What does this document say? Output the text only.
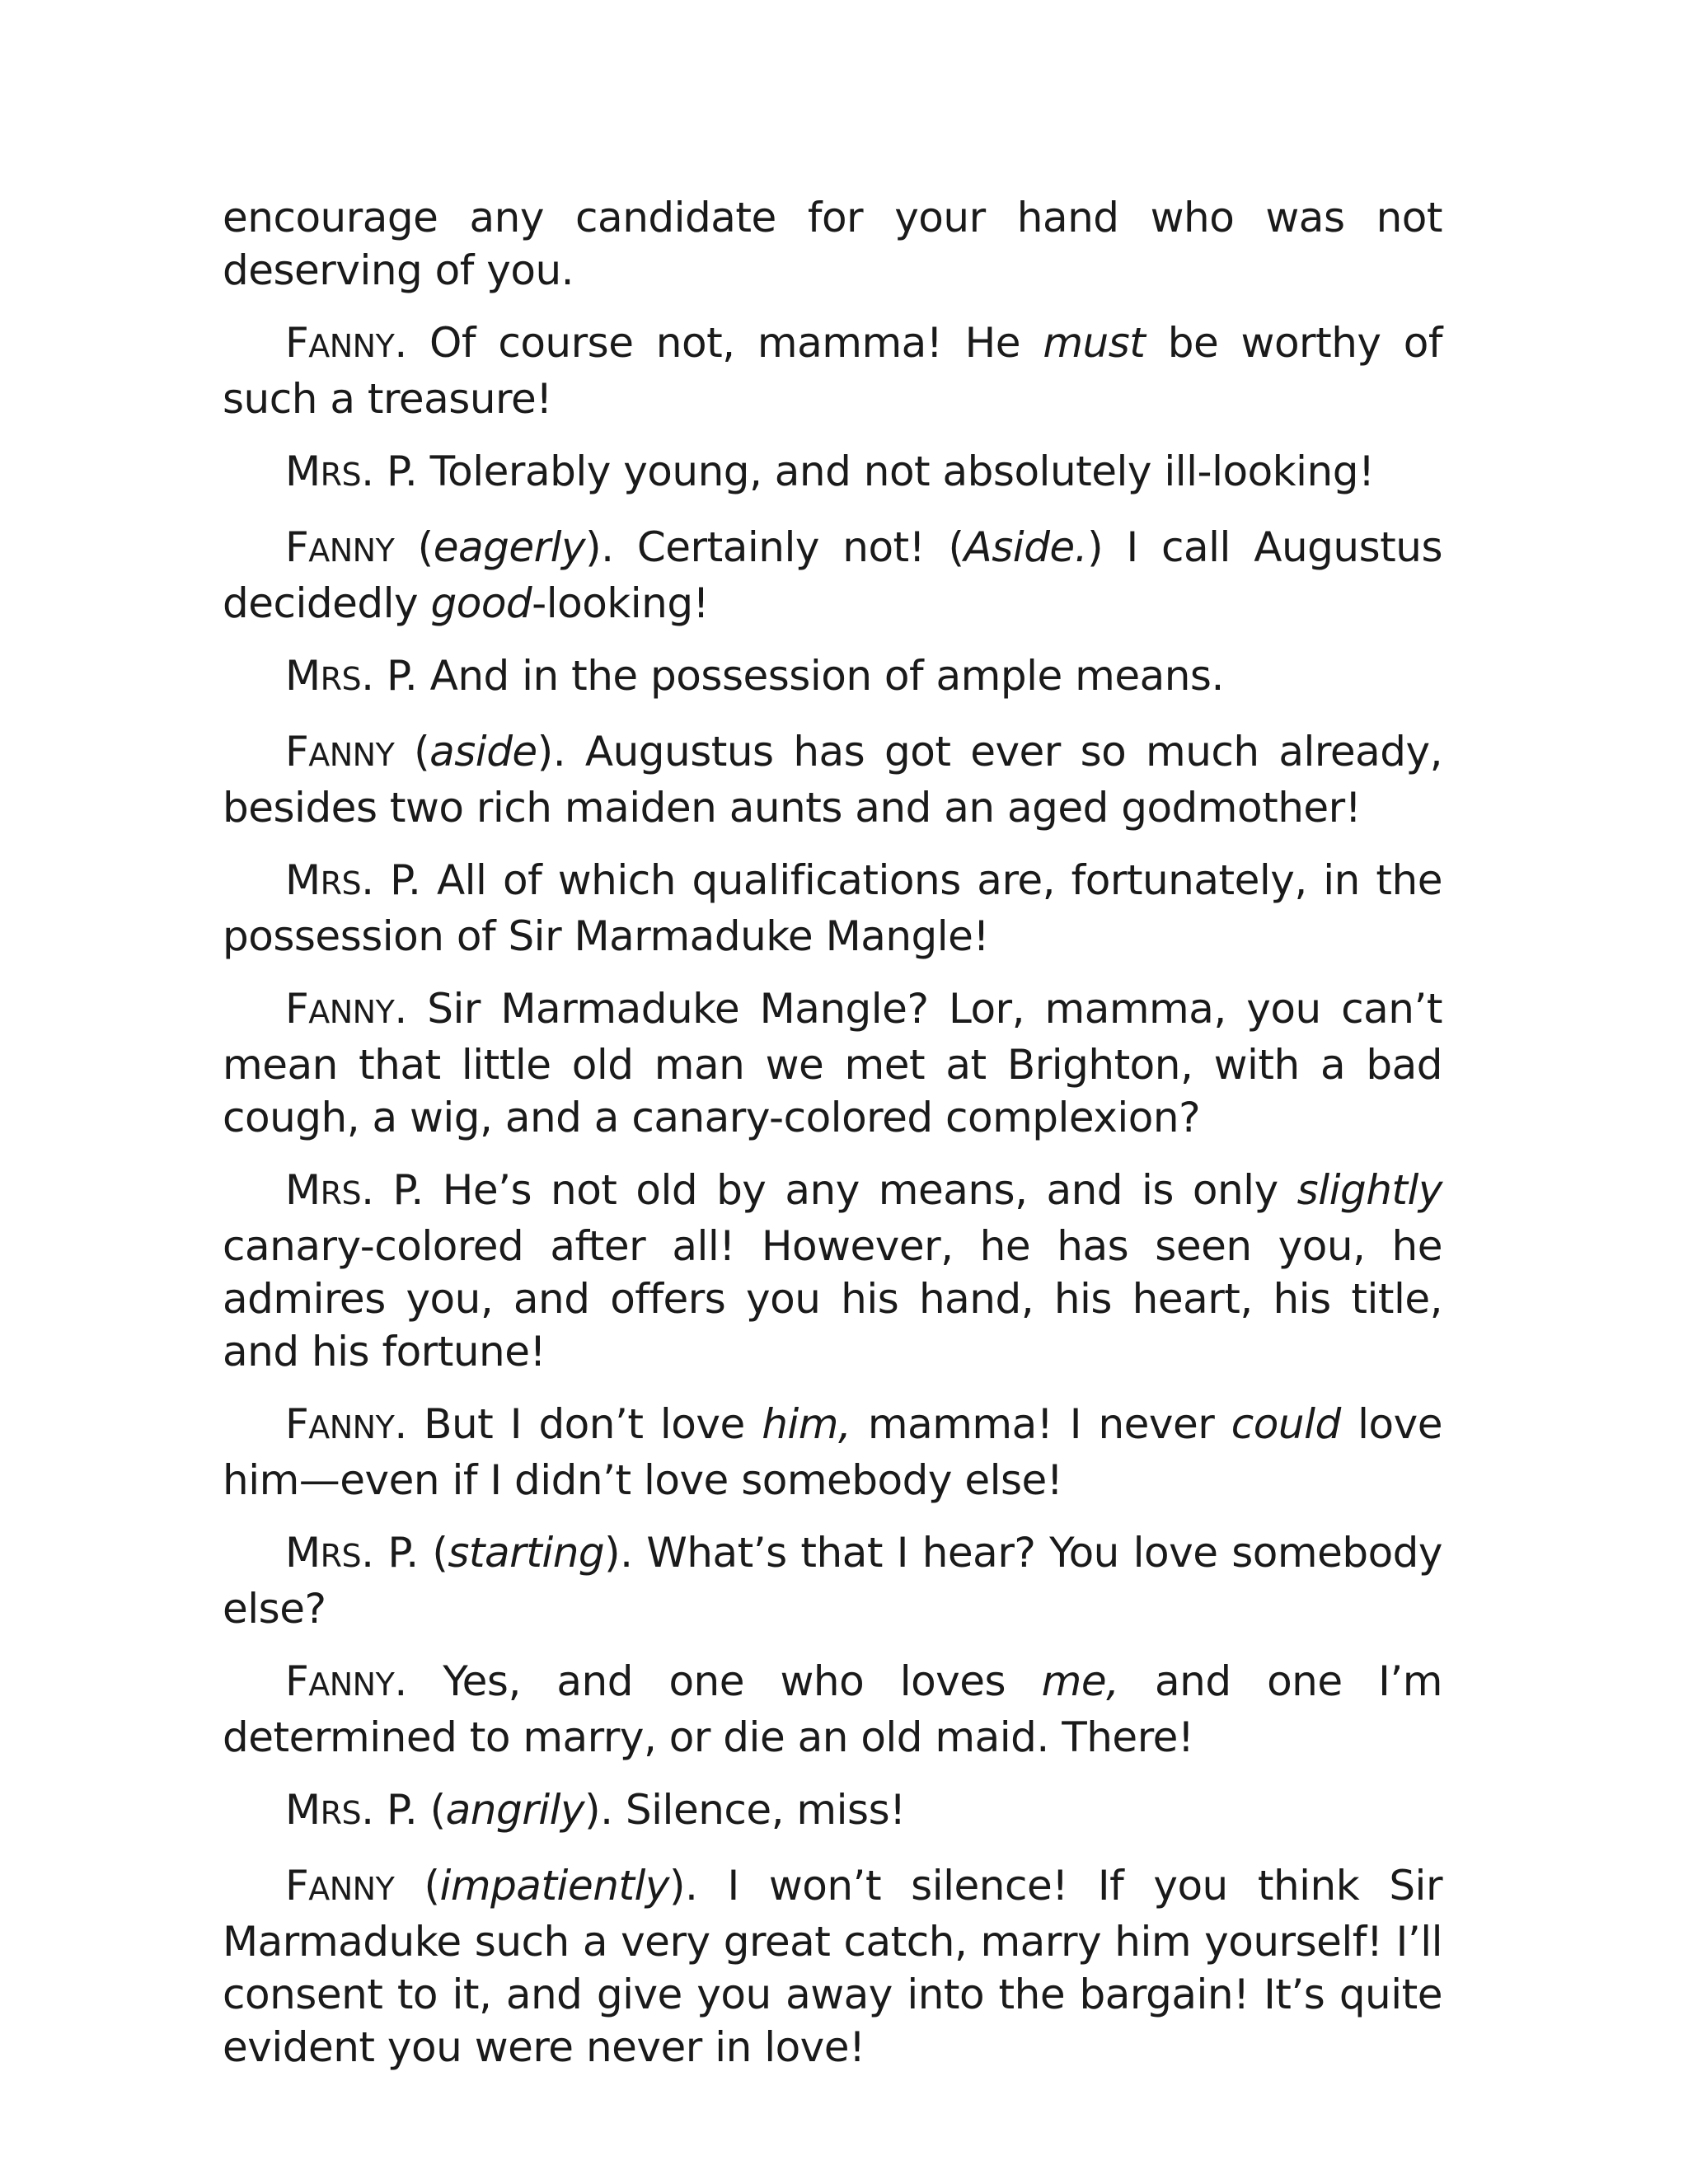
encourage any candidate for your hand who was not deserving of you.

FANNY. Of course not, mamma! He must be worthy of such a treasure!

MRS. P. Tolerably young, and not absolutely ill-looking!

FANNY (eagerly). Certainly not! (Aside.) I call Augustus decidedly good-looking!

MRS. P. And in the possession of ample means.

FANNY (aside). Augustus has got ever so much already, besides two rich maiden aunts and an aged godmother!

MRS. P. All of which qualifications are, fortunately, in the possession of Sir Marmaduke Mangle!

FANNY. Sir Marmaduke Mangle? Lor, mamma, you can’t mean that little old man we met at Brighton, with a bad cough, a wig, and a canary-colored complexion?

MRS. P. He’s not old by any means, and is only slightly canary-colored after all! However, he has seen you, he admires you, and offers you his hand, his heart, his title, and his fortune!

FANNY. But I don’t love him, mamma! I never could love him—even if I didn’t love somebody else!

MRS. P. (starting). What’s that I hear? You love somebody else?

FANNY. Yes, and one who loves me, and one I’m determined to marry, or die an old maid. There!

MRS. P. (angrily). Silence, miss!

FANNY (impatiently). I won’t silence! If you think Sir Marmaduke such a very great catch, marry him yourself! I’ll consent to it, and give you away into the bargain! It’s quite evident you were never in love!
